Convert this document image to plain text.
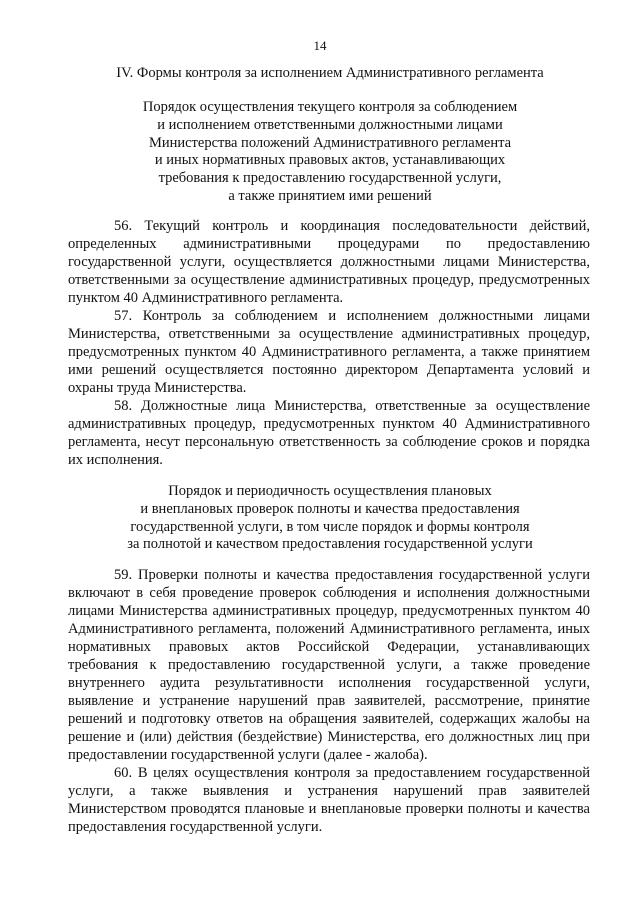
14
IV. Формы контроля за исполнением Административного регламента
Порядок осуществления текущего контроля за соблюдением
и исполнением ответственными должностными лицами
Министерства положений Административного регламента
и иных нормативных правовых актов, устанавливающих
требования к предоставлению государственной услуги,
а также принятием ими решений
56. Текущий контроль и координация последовательности действий, определенных административными процедурами по предоставлению государственной услуги, осуществляется должностными лицами Министерства, ответственными за осуществление административных процедур, предусмотренных пунктом 40 Административного регламента.
57. Контроль за соблюдением и исполнением должностными лицами Министерства, ответственными за осуществление административных процедур, предусмотренных пунктом 40 Административного регламента, а также принятием ими решений осуществляется постоянно директором Департамента условий и охраны труда Министерства.
58. Должностные лица Министерства, ответственные за осуществление административных процедур, предусмотренных пунктом 40 Административного регламента, несут персональную ответственность за соблюдение сроков и порядка их исполнения.
Порядок и периодичность осуществления плановых
и внеплановых проверок полноты и качества предоставления
государственной услуги, в том числе порядок и формы контроля
за полнотой и качеством предоставления государственной услуги
59. Проверки полноты и качества предоставления государственной услуги включают в себя проведение проверок соблюдения и исполнения должностными лицами Министерства административных процедур, предусмотренных пунктом 40 Административного регламента, положений Административного регламента, иных нормативных правовых актов Российской Федерации, устанавливающих требования к предоставлению государственной услуги, а также проведение внутреннего аудита результативности исполнения государственной услуги, выявление и устранение нарушений прав заявителей, рассмотрение, принятие решений и подготовку ответов на обращения заявителей, содержащих жалобы на решение и (или) действия (бездействие) Министерства, его должностных лиц при предоставлении государственной услуги (далее - жалоба).
60. В целях осуществления контроля за предоставлением государственной услуги, а также выявления и устранения нарушений прав заявителей Министерством проводятся плановые и внеплановые проверки полноты и качества предоставления государственной услуги.
